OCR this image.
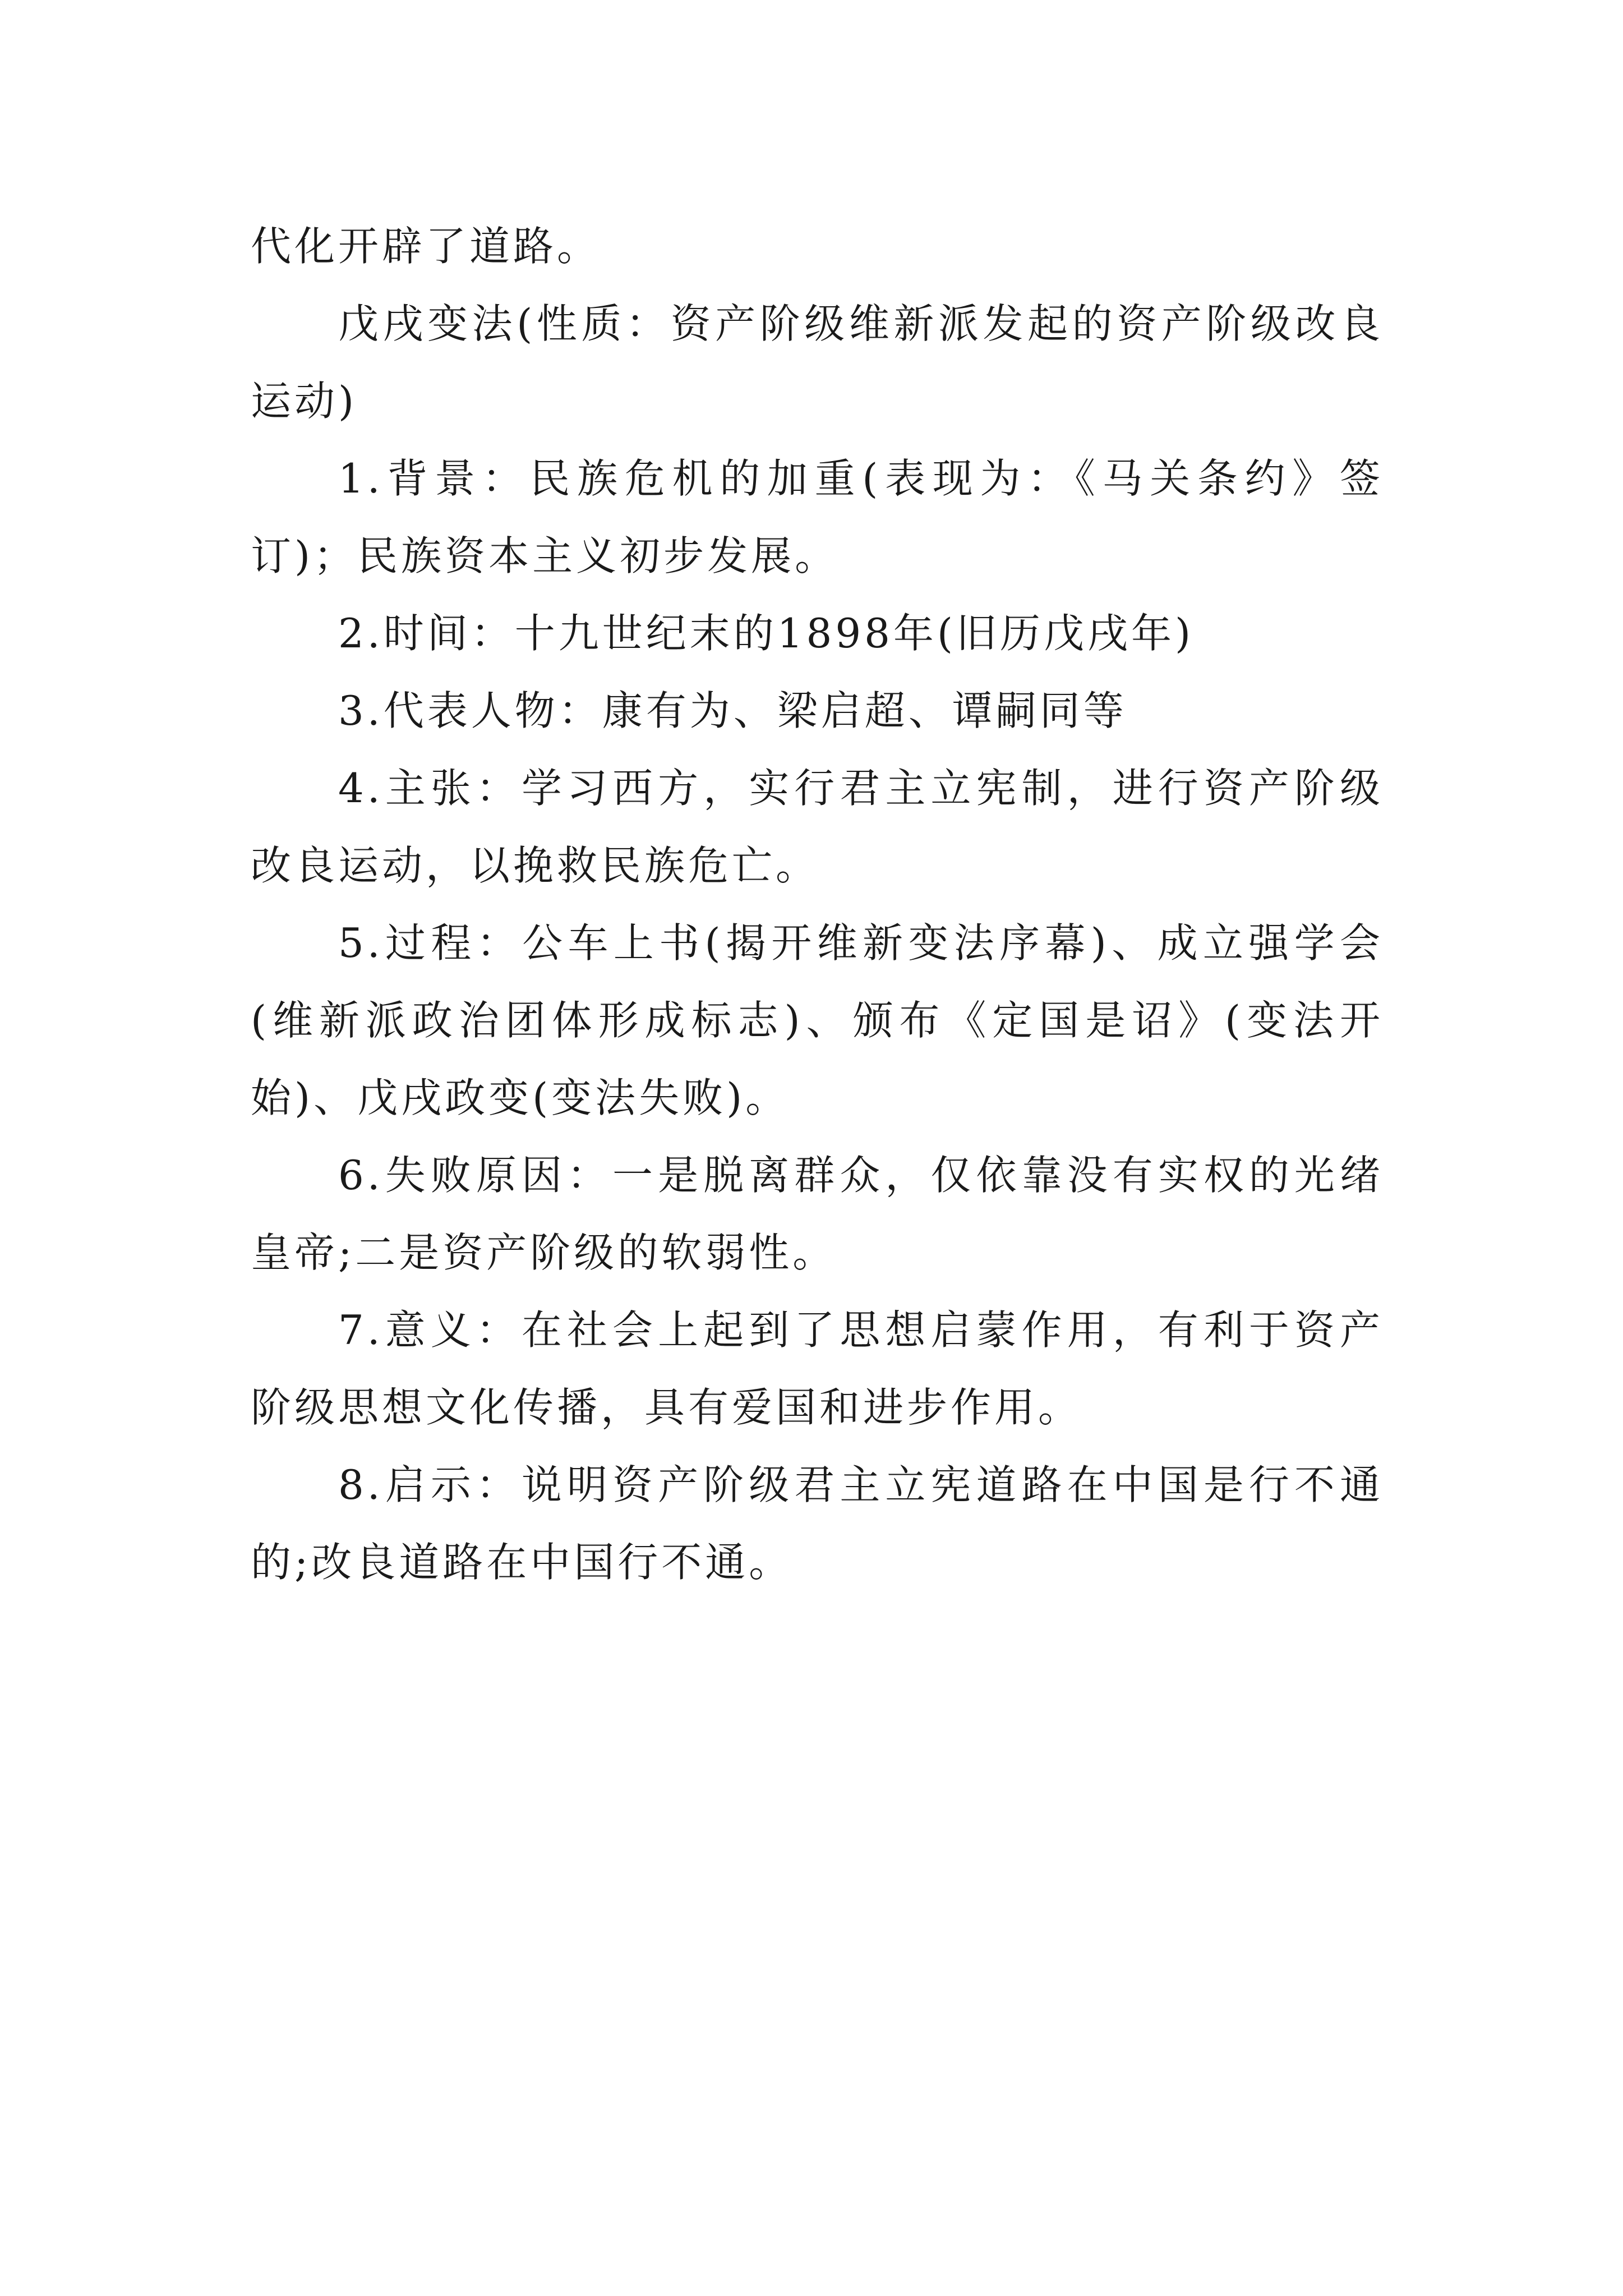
代化开辟了道路。

戊戌变法(性质：资产阶级维新派发起的资产阶级改良运动)

1.背景：民族危机的加重(表现为：《马关条约》签订)；民族资本主义初步发展。

2.时间：十九世纪末的1898年(旧历戊戌年)

3.代表人物：康有为、梁启超、谭嗣同等

4.主张：学习西方，实行君主立宪制，进行资产阶级改良运动，以挽救民族危亡。

5.过程：公车上书(揭开维新变法序幕)、成立强学会(维新派政治团体形成标志)、颁布《定国是诏》(变法开始)、戊戌政变(变法失败)。

6.失败原因：一是脱离群众，仅依靠没有实权的光绪皇帝;二是资产阶级的软弱性。

7.意义：在社会上起到了思想启蒙作用，有利于资产阶级思想文化传播，具有爱国和进步作用。

8.启示：说明资产阶级君主立宪道路在中国是行不通的;改良道路在中国行不通。
